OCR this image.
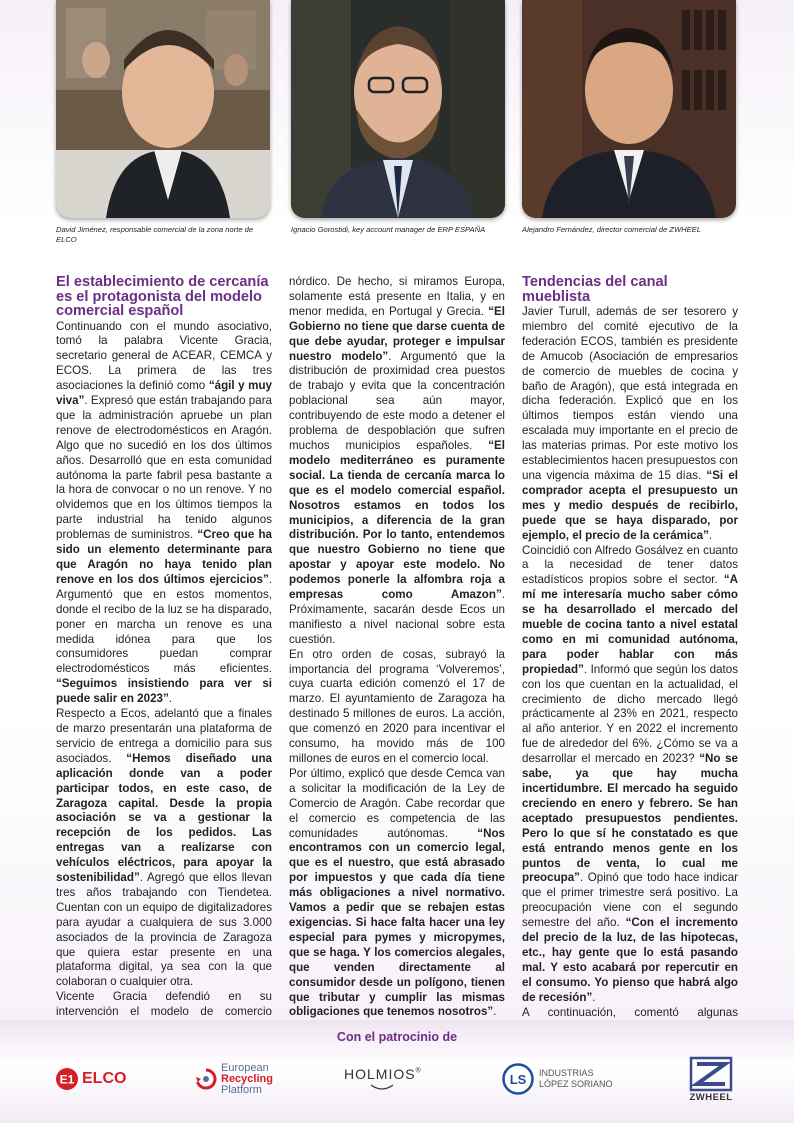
David Jiménez, responsable comercial de la zona norte de ELCO
Ignacio Gorostidi, key account manager de ERP ESPAÑA	Alejandro Fernández, director comercial de ZWHEEL
El establecimiento de cercanía es el protagonista del modelo comercial español

Continuando con el mundo asociativo, tomó la palabra Vicente Gracia, secretario general de ACEAR, CEMCA y ECOS. La primera de las tres asociaciones la definió como “ágil y muy viva”. Expresó que están trabajando para que la administración apruebe un plan renove de electrodomésticos en Aragón. Algo que no sucedió en los dos últimos años. Desarrolló que en esta comunidad autónoma la parte fabril pesa bastante a la hora de convocar o no un renove. Y no olvidemos que en los últimos tiempos la parte industrial ha tenido algunos problemas de suministros. “Creo que ha sido un elemento determinante para que Aragón no haya tenido plan renove en los dos últimos ejercicios”. Argumentó que en estos momentos, donde el recibo de la luz se ha disparado, poner en marcha un renove es una medida idónea para que los consumidores puedan comprar electrodomésticos más eficientes. “Seguimos insistiendo para ver si puede salir en 2023”.

Respecto a Ecos, adelantó que a finales de marzo presentarán una plataforma de servicio de entrega a domicilio para sus asociados. “Hemos diseñado una aplicación donde van a poder participar todos, en este caso, de Zaragoza capital. Desde la propia asociación se va a gestionar la recepción de los pedidos. Las entregas van a realizarse con vehículos eléctricos, para apoyar la sostenibilidad”. Agregó que ellos llevan tres años trabajando con Tiendetea. Cuentan con un equipo de digitalizadores para ayudar a cualquiera de sus 3.000 asociados de la provincia de Zaragoza que quiera estar presente en una plataforma digital, ya sea con la que colaboran o cualquier otra.

Vicente Gracia defendió en su intervención el modelo de comercio

nórdico. De hecho, si miramos Europa, solamente está presente en Italia, y en menor medida, en Portugal y Grecia. “El Gobierno no tiene que darse cuenta de que debe ayudar, proteger e impulsar nuestro modelo”. Argumentó que la distribución de proximidad crea puestos de trabajo y evita que la concentración poblacional sea aún mayor, contribuyendo de este modo a detener el problema de despoblación que sufren muchos municipios españoles. “El modelo mediterráneo es puramente social. La tienda de cercanía marca lo que es el modelo comercial español. Nosotros estamos en todos los municipios, a diferencia de la gran distribución. Por lo tanto, entendemos que nuestro Gobierno no tiene que apostar y apoyar este modelo. No podemos ponerle la alfombra roja a empresas como Amazon”. Próximamente, sacarán desde Ecos un manifiesto a nivel nacional sobre esta cuestión.

En otro orden de cosas, subrayó la importancia del programa ‘Volveremos’, cuya cuarta edición comenzó el 17 de marzo. El ayuntamiento de Zaragoza ha destinado 5 millones de euros. La acción, que comenzó en 2020 para incentivar el consumo, ha movido más de 100 millones de euros en el comercio local.

Por último, explicó que desde Cemca van a solicitar la modificación de la Ley de Comercio de Aragón. Cabe recordar que el comercio es competencia de las comunidades autónomas. “Nos encontramos con un comercio legal, que es el nuestro, que está abrasado por impuestos y que cada día tiene más obligaciones a nivel normativo. Vamos a pedir que se rebajen estas exigencias. Si hace falta hacer una ley especial para pymes y micropymes, que se haga. Y los comercios alegales, que venden directamente al consumidor desde un polígono, tienen que tributar y cumplir las mismas obligaciones que tenemos nosotros”.

Tendencias del canal mueblista

Javier Turull, además de ser tesorero y miembro del comité ejecutivo de la federación ECOS, también es presidente de Amucob (Asociación de empresarios de comercio de muebles de cocina y baño de Aragón), que está integrada en dicha federación. Explicó que en los últimos tiempos están viendo una escalada muy importante en el precio de las materias primas. Por este motivo los establecimientos hacen presupuestos con una vigencia máxima de 15 días. “Si el comprador acepta el presupuesto un mes y medio después de recibirlo, puede que se haya disparado, por ejemplo, el precio de la cerámica”.

Coincidió con Alfredo Gosálvez en cuanto a la necesidad de tener datos estadísticos propios sobre el sector. “A mí me interesaría mucho saber cómo se ha desarrollado el mercado del mueble de cocina tanto a nivel estatal como en mi comunidad autónoma, para poder hablar con más propiedad”. Informó que según los datos con los que cuentan en la actualidad, el crecimiento de dicho mercado llegó prácticamente al 23% en 2021, respecto al año anterior. Y en 2022 el incremento fue de alrededor del 6%. ¿Cómo se va a desarrollar el mercado en 2023? “No se sabe, ya que hay mucha incertidumbre. El mercado ha seguido creciendo en enero y febrero. Se han aceptado presupuestos pendientes. Pero lo que sí he constatado es que está entrando menos gente en los puntos de venta, lo cual me preocupa”. Opinó que todo hace indicar que el primer trimestre será positivo. La preocupación viene con el segundo semestre del año. “Con el incremento del precio de la luz, de las hipotecas, etc., hay gente que lo está pasando mal. Y esto acabará por repercutir en el consumo. Yo pienso que habrá algo de recesión”.

A continuación, comentó algunas

Con el patrocinio de
E1 ELCO
European
Recycling
Platform
HOLMIOS®
LS INDUSTRIAS
LÓPEZ SORIANO
ZWHEEL
